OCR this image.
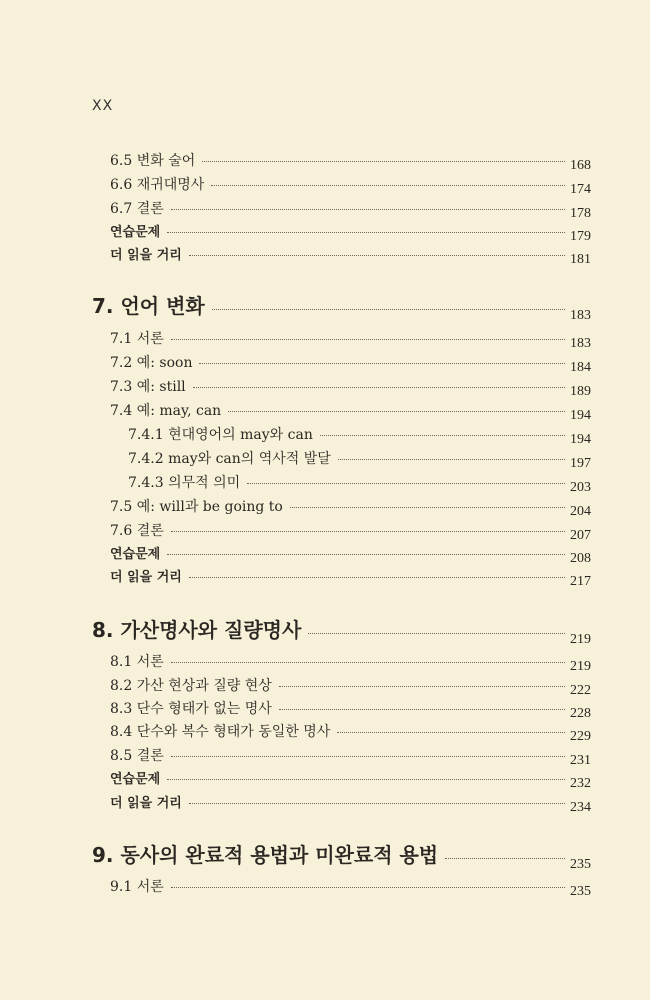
XX
6.5 변화 술어	168
6.6 재귀대명사	174
6.7 결론	178
연습문제	179
더 읽을 거리	181
7. 언어 변화	183
7.1 서론	183
7.2 예: soon	184
7.3 예: still	189
7.4 예: may, can	194
7.4.1 현대영어의 may와 can	194
7.4.2 may와 can의 역사적 발달	197
7.4.3 의무적 의미	203
7.5 예: will과 be going to	204
7.6 결론	207
연습문제	208
더 읽을 거리	217
8. 가산명사와 질량명사	219
8.1 서론	219
8.2 가산 현상과 질량 현상	222
8.3 단수 형태가 없는 명사	228
8.4 단수와 복수 형태가 동일한 명사	229
8.5 결론	231
연습문제	232
더 읽을 거리	234
9. 동사의 완료적 용법과 미완료적 용법	235
9.1 서론	235
